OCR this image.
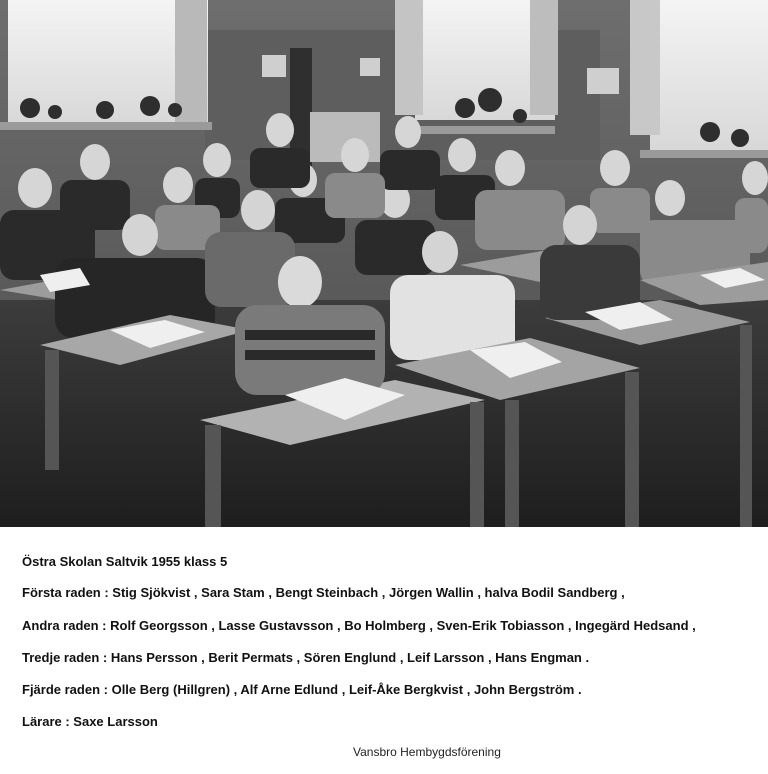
Östra Skolan Saltvik 1955 klass 5

Första raden : Stig Sjökvist , Sara Stam , Bengt Steinbach , Jörgen Wallin , halva Bodil Sandberg ,

Andra raden : Rolf Georgsson , Lasse Gustavsson , Bo Holmberg , Sven-Erik Tobiasson , Ingegärd Hedsand ,

Tredje raden : Hans Persson , Berit Permats , Sören Englund , Leif Larsson , Hans Engman .

Fjärde raden : Olle Berg (Hillgren) , Alf Arne Edlund , Leif-Åke Bergkvist , John Bergström .

Lärare : Saxe Larsson

Vansbro Hembygdsförening
